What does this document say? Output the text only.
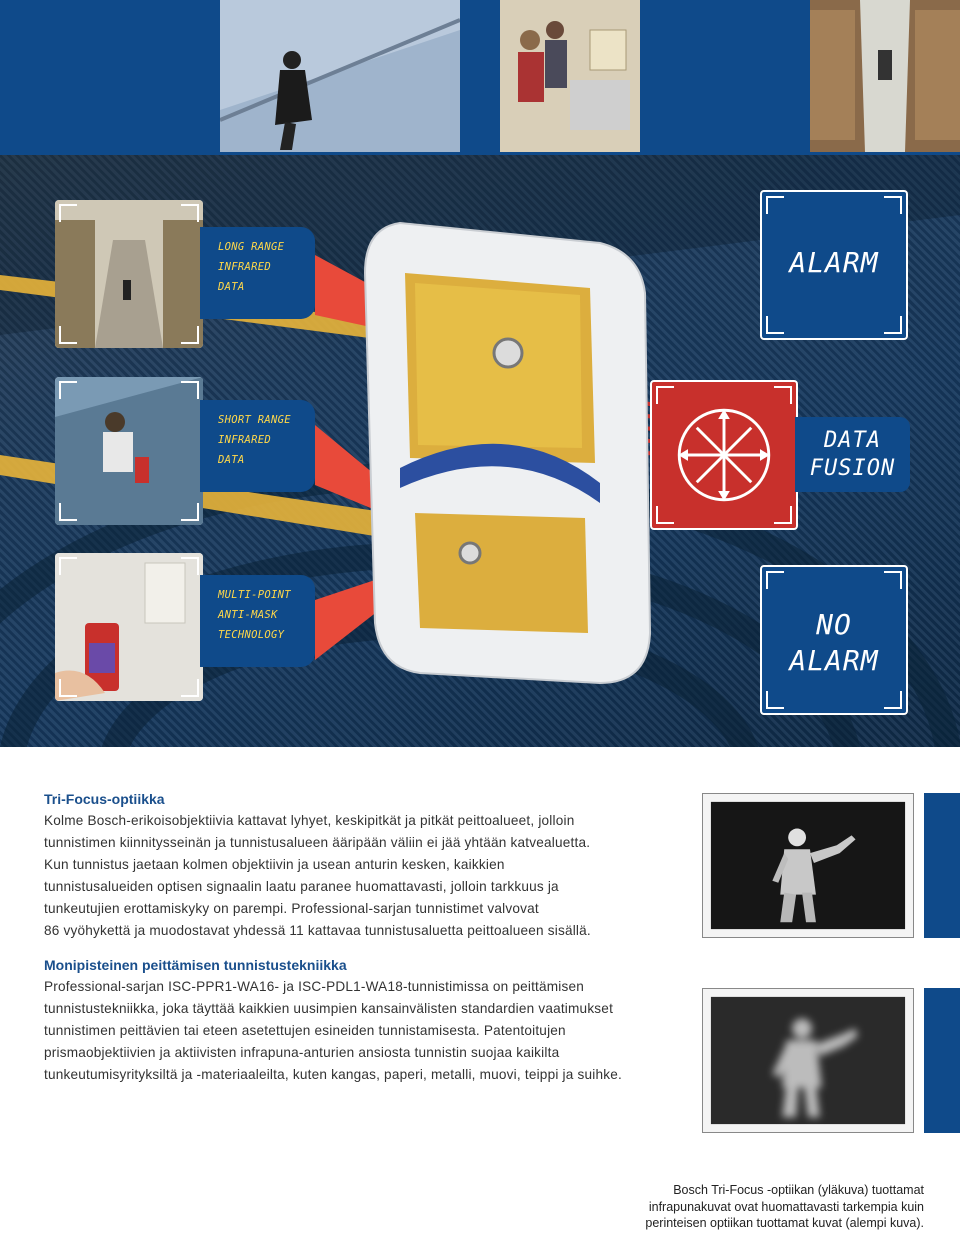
LONG RANGE
INFRARED
DATA
SHORT RANGE
INFRARED
DATA
MULTI-POINT
ANTI-MASK
TECHNOLOGY
ALARM
DATA
FUSION
NO
ALARM
Tri-Focus-optiikka
Kolme Bosch-erikoisobjektiivia kattavat lyhyet, keskipitkät ja pitkät peittoalueet, jolloin
tunnistimen kiinnitysseinän ja tunnistusalueen ääripään väliin ei jää yhtään katvealuetta.
Kun tunnistus jaetaan kolmen objektiivin ja usean anturin kesken, kaikkien
tunnistusalueiden optisen signaalin laatu paranee huomattavasti, jolloin tarkkuus ja
tunkeutujien erottamiskyky on parempi. Professional-sarjan tunnistimet valvovat
86 vyöhykettä ja muodostavat yhdessä 11 kattavaa tunnistusaluetta peittoalueen sisällä.
Monipisteinen peittämisen tunnistustekniikka
Professional-sarjan ISC-PPR1-WA16- ja ISC-PDL1-WA18-tunnistimissa on peittämisen
tunnistustekniikka, joka täyttää kaikkien uusimpien kansainvälisten standardien vaatimukset
tunnistimen peittävien tai eteen asetettujen esineiden tunnistamisesta. Patentoitujen
prismaobjektiivien ja aktiivisten infrapuna-anturien ansiosta tunnistin suojaa kaikilta
tunkeutumisyrityksiltä ja -materiaaleilta, kuten kangas, paperi, metalli, muovi, teippi ja suihke.
Bosch Tri-Focus -optiikan (yläkuva) tuottamat
infrapunakuvat ovat huomattavasti tarkempia kuin
perinteisen optiikan tuottamat kuvat (alempi kuva).
